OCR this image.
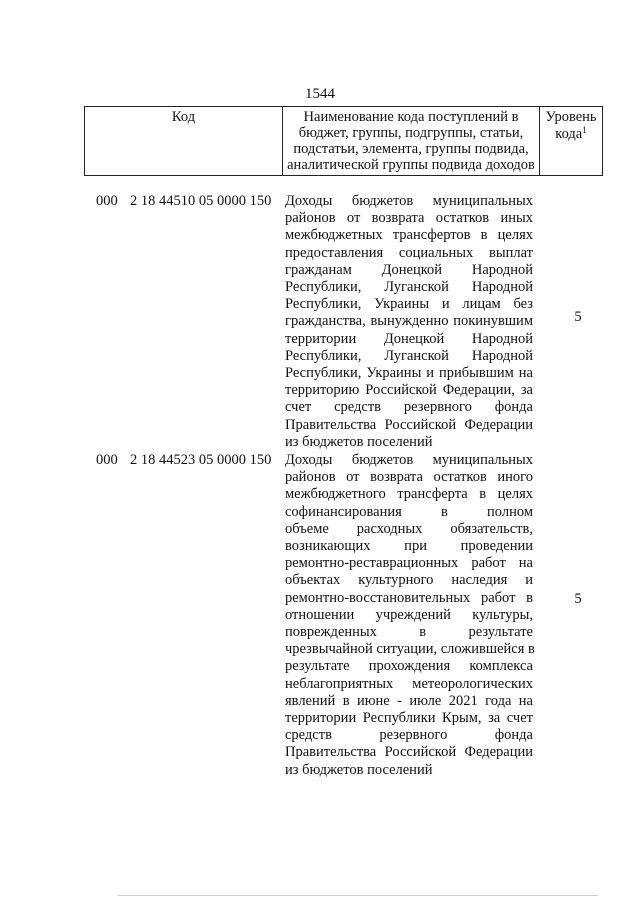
1544
Код	Наименование кода поступлений в
бюджет, группы, подгруппы, статьи,
подстатьи, элемента, группы подвида,
аналитической группы подвида доходов
Уровень
кода$^1$
000 2 18 44510 05 0000 150 Доходы бюджетов муниципальных
районов от возврата остатков иных
межбюджетных трансфертов в целях
предоставления социальных выплат
гражданам Донецкой Народной
Республики, Луганской Народной
Республики, Украины и лицам без
гражданства, вынужденно покинувшим
территории Донецкой Народной
Республики, Луганской Народной
Республики, Украины и прибывшим на
территорию Российской Федерации, за
счет средств резервного фонда
Правительства Российской Федерации
из бюджетов поселений
5
000 2 18 44523 05 0000 150 Доходы бюджетов муниципальных
районов от возврата остатков иного
межбюджетного трансферта в целях
софинансирования в полном
объеме расходных обязательств,
возникающих при проведении
ремонтно-реставрационных работ на
объектах культурного наследия и
ремонтно-восстановительных работ в
отношении учреждений культуры,
поврежденных в результате
чрезвычайной ситуации, сложившейся в
результате прохождения комплекса
неблагоприятных метеорологических
явлений в июне - июле 2021 года на
территории Республики Крым, за счет
средств резервного фонда
Правительства Российской Федерации
из бюджетов поселений
5
